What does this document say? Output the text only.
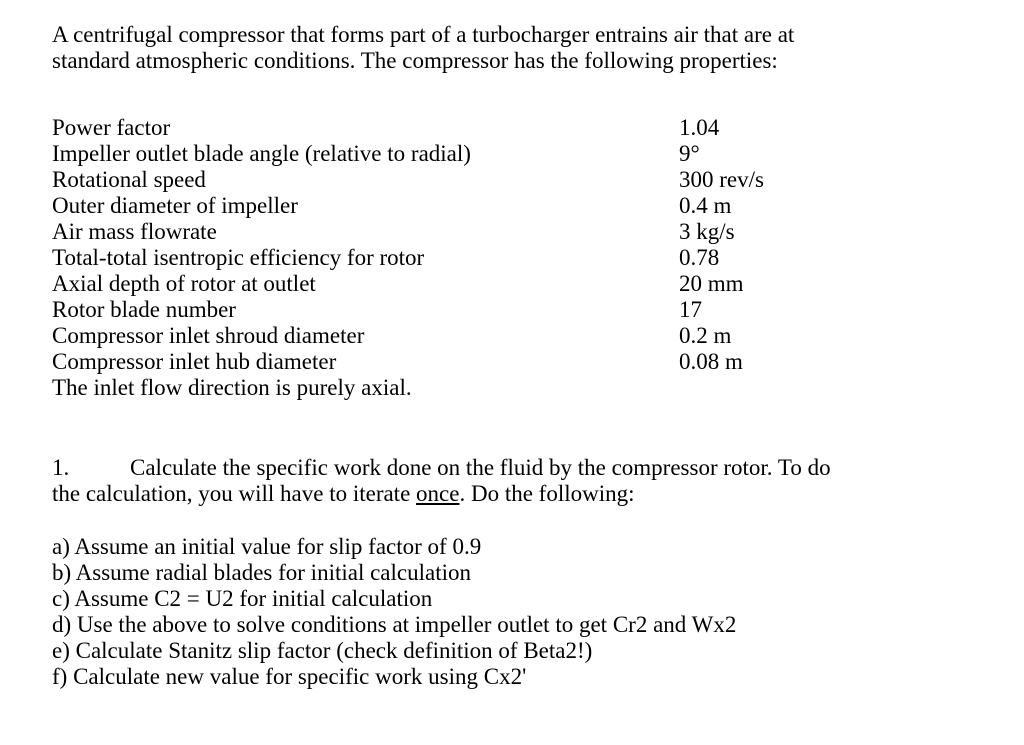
A centrifugal compressor that forms part of a turbocharger entrains air that are at
standard atmospheric conditions. The compressor has the following properties:
Power factor	1.04
Impeller outlet blade angle (relative to radial)	9°
Rotational speed	300 rev/s
Outer diameter of impeller	0.4 m
Air mass flowrate	3 kg/s
Total-total isentropic efficiency for rotor	0.78
Axial depth of rotor at outlet	20 mm
Rotor blade number	17
Compressor inlet shroud diameter	0.2 m
Compressor inlet hub diameter	0.08 m
The inlet flow direction is purely axial.
1.	Calculate the specific work done on the fluid by the compressor rotor. To do
the calculation, you will have to iterate once. Do the following:
a) Assume an initial value for slip factor of 0.9
b) Assume radial blades for initial calculation
c) Assume C2 = U2 for initial calculation
d) Use the above to solve conditions at impeller outlet to get Cr2 and Wx2
e) Calculate Stanitz slip factor (check definition of Beta2!)
f) Calculate new value for specific work using Cx2'
